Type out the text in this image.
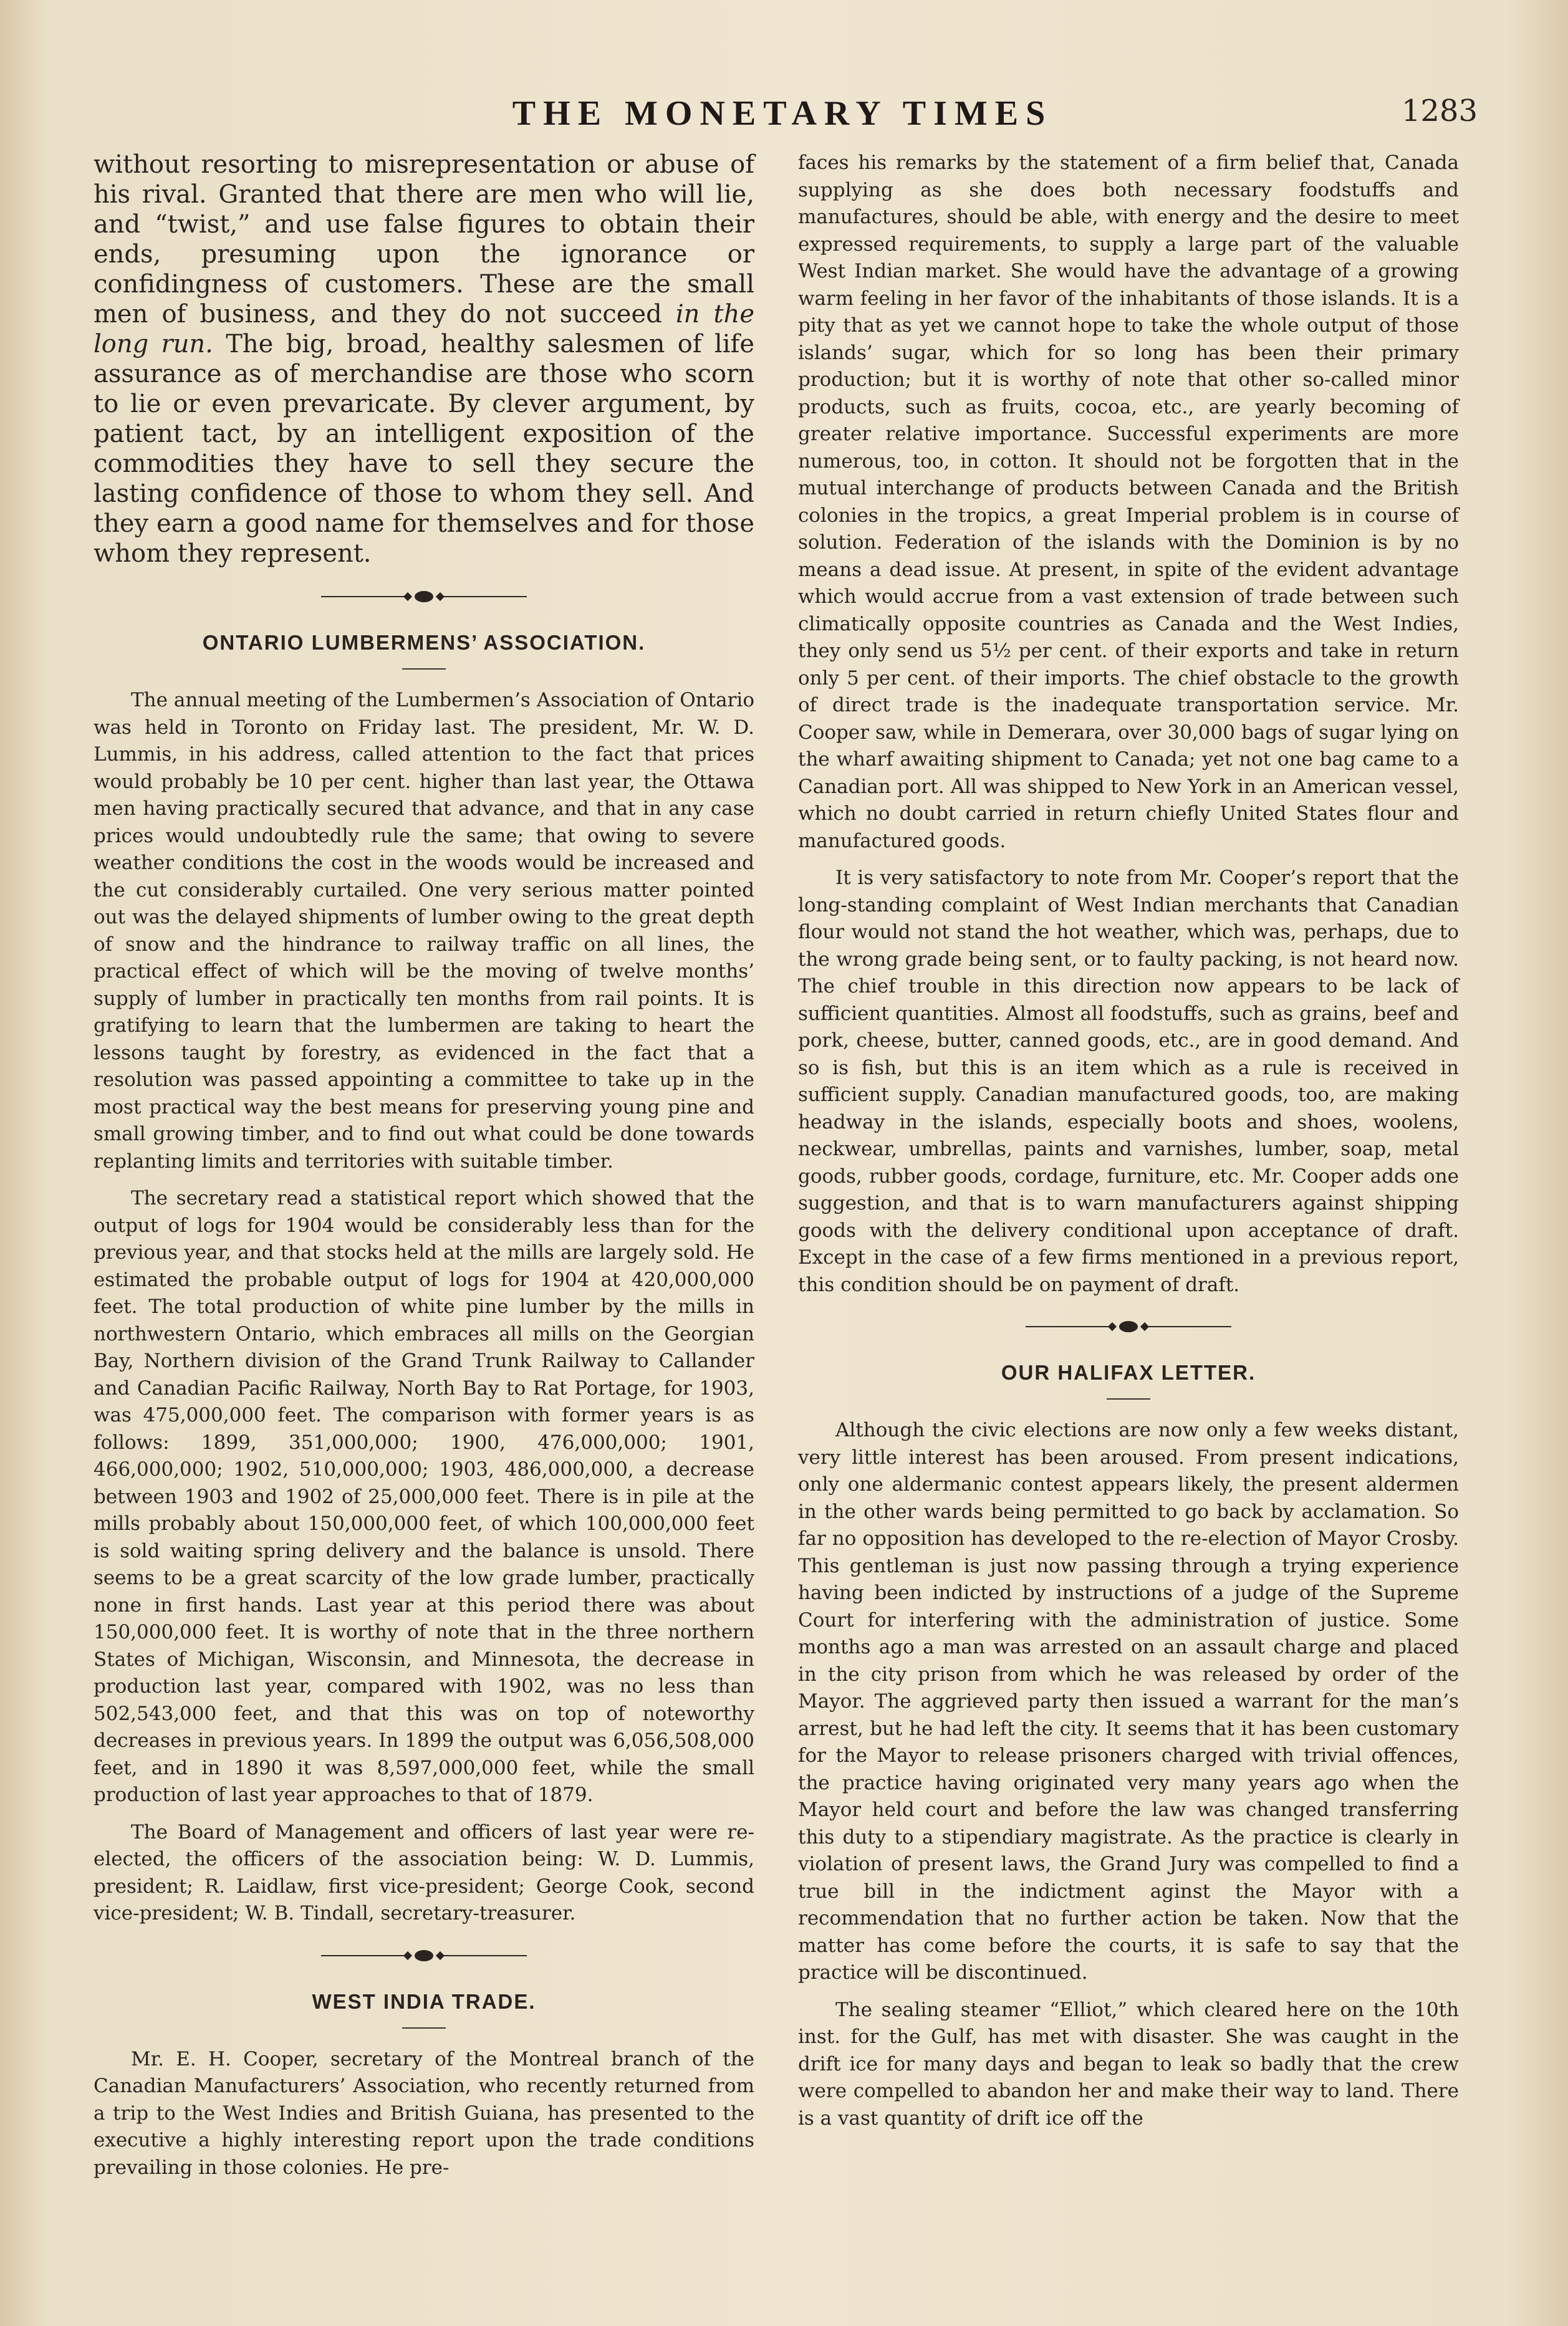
THE MONETARY TIMES	1283

without resorting to misrepresentation or abuse of his rival. Granted that there are men who will lie, and “twist,” and use false figures to obtain their ends, presuming upon the ignorance or confidingness of customers. These are the small men of business, and they do not succeed in the long run. The big, broad, healthy salesmen of life assurance as of merchandise are those who scorn to lie or even prevaricate. By clever argument, by patient tact, by an intelligent exposition of the commodities they have to sell they secure the lasting confidence of those to whom they sell. And they earn a good name for themselves and for those whom they represent.

ONTARIO LUMBERMENS’ ASSOCIATION.

The annual meeting of the Lumbermen’s Association of Ontario was held in Toronto on Friday last. The president, Mr. W. D. Lummis, in his address, called attention to the fact that prices would probably be 10 per cent. higher than last year, the Ottawa men having practically secured that advance, and that in any case prices would undoubtedly rule the same; that owing to severe weather conditions the cost in the woods would be increased and the cut considerably curtailed. One very serious matter pointed out was the delayed shipments of lumber owing to the great depth of snow and the hindrance to railway traffic on all lines, the practical effect of which will be the moving of twelve months’ supply of lumber in practically ten months from rail points. It is gratifying to learn that the lumbermen are taking to heart the lessons taught by forestry, as evidenced in the fact that a resolution was passed appointing a committee to take up in the most practical way the best means for preserving young pine and small growing timber, and to find out what could be done towards replanting limits and territories with suitable timber.

The secretary read a statistical report which showed that the output of logs for 1904 would be considerably less than for the previous year, and that stocks held at the mills are largely sold. He estimated the probable output of logs for 1904 at 420,000,000 feet. The total production of white pine lumber by the mills in northwestern Ontario, which embraces all mills on the Georgian Bay, Northern division of the Grand Trunk Railway to Callander and Canadian Pacific Railway, North Bay to Rat Portage, for 1903, was 475,000,000 feet. The comparison with former years is as follows: 1899, 351,000,000; 1900, 476,000,000; 1901, 466,000,000; 1902, 510,000,000; 1903, 486,000,000, a decrease between 1903 and 1902 of 25,000,000 feet. There is in pile at the mills probably about 150,000,000 feet, of which 100,000,000 feet is sold waiting spring delivery and the balance is unsold. There seems to be a great scarcity of the low grade lumber, practically none in first hands. Last year at this period there was about 150,000,000 feet. It is worthy of note that in the three northern States of Michigan, Wisconsin, and Minnesota, the decrease in production last year, compared with 1902, was no less than 502,543,000 feet, and that this was on top of noteworthy decreases in previous years. In 1899 the output was 6,056,508,000 feet, and in 1890 it was 8,597,000,000 feet, while the small production of last year approaches to that of 1879.

The Board of Management and officers of last year were re-elected, the officers of the association being: W. D. Lummis, president; R. Laidlaw, first vice-president; George Cook, second vice-president; W. B. Tindall, secretary-treasurer.

WEST INDIA TRADE.

Mr. E. H. Cooper, secretary of the Montreal branch of the Canadian Manufacturers’ Association, who recently returned from a trip to the West Indies and British Guiana, has presented to the executive a highly interesting report upon the trade conditions prevailing in those colonies. He pre-

faces his remarks by the statement of a firm belief that, Canada supplying as she does both necessary foodstuffs and manufactures, should be able, with energy and the desire to meet expressed requirements, to supply a large part of the valuable West Indian market. She would have the advantage of a growing warm feeling in her favor of the inhabitants of those islands. It is a pity that as yet we cannot hope to take the whole output of those islands’ sugar, which for so long has been their primary production; but it is worthy of note that other so-called minor products, such as fruits, cocoa, etc., are yearly becoming of greater relative importance. Successful experiments are more numerous, too, in cotton. It should not be forgotten that in the mutual interchange of products between Canada and the British colonies in the tropics, a great Imperial problem is in course of solution. Federation of the islands with the Dominion is by no means a dead issue. At present, in spite of the evident advantage which would accrue from a vast extension of trade between such climatically opposite countries as Canada and the West Indies, they only send us 5½ per cent. of their exports and take in return only 5 per cent. of their imports. The chief obstacle to the growth of direct trade is the inadequate transportation service. Mr. Cooper saw, while in Demerara, over 30,000 bags of sugar lying on the wharf awaiting shipment to Canada; yet not one bag came to a Canadian port. All was shipped to New York in an American vessel, which no doubt carried in return chiefly United States flour and manufactured goods.

It is very satisfactory to note from Mr. Cooper’s report that the long-standing complaint of West Indian merchants that Canadian flour would not stand the hot weather, which was, perhaps, due to the wrong grade being sent, or to faulty packing, is not heard now. The chief trouble in this direction now appears to be lack of sufficient quantities. Almost all foodstuffs, such as grains, beef and pork, cheese, butter, canned goods, etc., are in good demand. And so is fish, but this is an item which as a rule is received in sufficient supply. Canadian manufactured goods, too, are making headway in the islands, especially boots and shoes, woolens, neckwear, umbrellas, paints and varnishes, lumber, soap, metal goods, rubber goods, cordage, furniture, etc. Mr. Cooper adds one suggestion, and that is to warn manufacturers against shipping goods with the delivery conditional upon acceptance of draft. Except in the case of a few firms mentioned in a previous report, this condition should be on payment of draft.

OUR HALIFAX LETTER.

Although the civic elections are now only a few weeks distant, very little interest has been aroused. From present indications, only one aldermanic contest appears likely, the present aldermen in the other wards being permitted to go back by acclamation. So far no opposition has developed to the re-election of Mayor Crosby. This gentleman is just now passing through a trying experience having been indicted by instructions of a judge of the Supreme Court for interfering with the administration of justice. Some months ago a man was arrested on an assault charge and placed in the city prison from which he was released by order of the Mayor. The aggrieved party then issued a warrant for the man’s arrest, but he had left the city. It seems that it has been customary for the Mayor to release prisoners charged with trivial offences, the practice having originated very many years ago when the Mayor held court and before the law was changed transferring this duty to a stipendiary magistrate. As the practice is clearly in violation of present laws, the Grand Jury was compelled to find a true bill in the indictment aginst the Mayor with a recommendation that no further action be taken. Now that the matter has come before the courts, it is safe to say that the practice will be discontinued.

The sealing steamer “Elliot,” which cleared here on the 10th inst. for the Gulf, has met with disaster. She was caught in the drift ice for many days and began to leak so badly that the crew were compelled to abandon her and make their way to land. There is a vast quantity of drift ice off the
